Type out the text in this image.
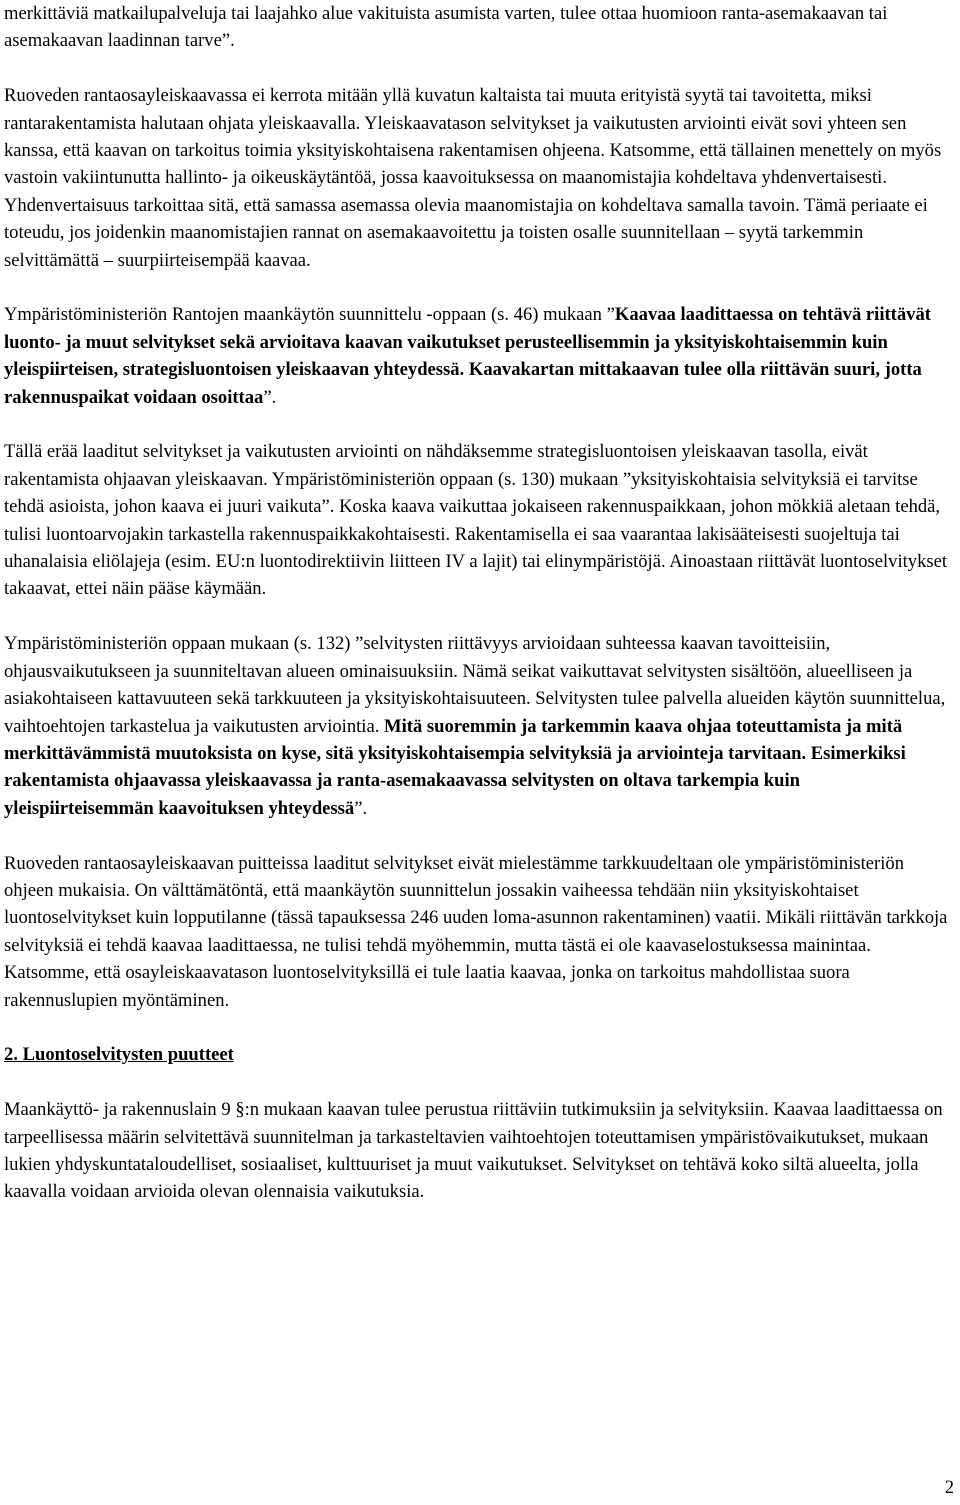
merkittäviä matkailupalveluja tai laajahko alue vakituista asumista varten, tulee ottaa huomioon ranta-asemakaavan tai asemakaavan laadinnan tarve”.

Ruoveden rantaosayleiskaavassa ei kerrota mitään yllä kuvatun kaltaista tai muuta erityistä syytä tai tavoitetta, miksi rantarakentamista halutaan ohjata yleiskaavalla. Yleiskaavatason selvitykset ja vaikutusten arviointi eivät sovi yhteen sen kanssa, että kaavan on tarkoitus toimia yksityiskohtaisena rakentamisen ohjeena. Katsomme, että tällainen menettely on myös vastoin vakiintunutta hallinto- ja oikeuskäytäntöä, jossa kaavoituksessa on maanomistajia kohdeltava yhdenvertaisesti. Yhdenvertaisuus tarkoittaa sitä, että samassa asemassa olevia maanomistajia on kohdeltava samalla tavoin. Tämä periaate ei toteudu, jos joidenkin maanomistajien rannat on asemakaavoitettu ja toisten osalle suunnitellaan – syytä tarkemmin selvittämättä – suurpiirteisempää kaavaa.

Ympäristöministeriön Rantojen maankäytön suunnittelu -oppaan (s. 46) mukaan ”Kaavaa laadittaessa on tehtävä riittävät luonto- ja muut selvitykset sekä arvioitava kaavan vaikutukset perusteellisemmin ja yksityiskohtaisemmin kuin yleispiirteisen, strategisluontoisen yleiskaavan yhteydessä. Kaavakartan mittakaavan tulee olla riittävän suuri, jotta rakennuspaikat voidaan osoittaa”.

Tällä erää laaditut selvitykset ja vaikutusten arviointi on nähdäksemme strategisluontoisen yleiskaavan tasolla, eivät rakentamista ohjaavan yleiskaavan. Ympäristöministeriön oppaan (s. 130) mukaan ”yksityiskohtaisia selvityksiä ei tarvitse tehdä asioista, johon kaava ei juuri vaikuta”. Koska kaava vaikuttaa jokaiseen rakennuspaikkaan, johon mökkiä aletaan tehdä, tulisi luontoarvojakin tarkastella rakennuspaikkakohtaisesti. Rakentamisella ei saa vaarantaa lakisääteisesti suojeltuja tai uhanalaisia eliölajeja (esim. EU:n luontodirektiivin liitteen IV a lajit) tai elinympäristöjä. Ainoastaan riittävät luontoselvitykset takaavat, ettei näin pääse käymään.

Ympäristöministeriön oppaan mukaan (s. 132) ”selvitysten riittävyys arvioidaan suhteessa kaavan tavoitteisiin, ohjausvaikutukseen ja suunniteltavan alueen ominaisuuksiin. Nämä seikat vaikuttavat selvitysten sisältöön, alueelliseen ja asiakohtaiseen kattavuuteen sekä tarkkuuteen ja yksityiskohtaisuuteen. Selvitysten tulee palvella alueiden käytön suunnittelua, vaihtoehtojen tarkastelua ja vaikutusten arviointia. Mitä suoremmin ja tarkemmin kaava ohjaa toteuttamista ja mitä merkittävämmistä muutoksista on kyse, sitä yksityiskohtaisempia selvityksiä ja arviointeja tarvitaan. Esimerkiksi rakentamista ohjaavassa yleiskaavassa ja ranta-asemakaavassa selvitysten on oltava tarkempia kuin yleispiirteisemmän kaavoituksen yhteydessä”.

Ruoveden rantaosayleiskaavan puitteissa laaditut selvitykset eivät mielestämme tarkkuudeltaan ole ympäristöministeriön ohjeen mukaisia. On välttämätöntä, että maankäytön suunnittelun jossakin vaiheessa tehdään niin yksityiskohtaiset luontoselvitykset kuin lopputilanne (tässä tapauksessa 246 uuden loma-asunnon rakentaminen) vaatii. Mikäli riittävän tarkkoja selvityksiä ei tehdä kaavaa laadittaessa, ne tulisi tehdä myöhemmin, mutta tästä ei ole kaavaselostuksessa mainintaa. Katsomme, että osayleiskaavatason luontoselvityksillä ei tule laatia kaavaa, jonka on tarkoitus mahdollistaa suora rakennuslupien myöntäminen.

2. Luontoselvitysten puutteet

Maankäyttö- ja rakennuslain 9 §:n mukaan kaavan tulee perustua riittäviin tutkimuksiin ja selvityksiin. Kaavaa laadittaessa on tarpeellisessa määrin selvitettävä suunnitelman ja tarkasteltavien vaihtoehtojen toteuttamisen ympäristövaikutukset, mukaan lukien yhdyskuntataloudelliset, sosiaaliset, kulttuuriset ja muut vaikutukset. Selvitykset on tehtävä koko siltä alueelta, jolla kaavalla voidaan arvioida olevan olennaisia vaikutuksia.

2
